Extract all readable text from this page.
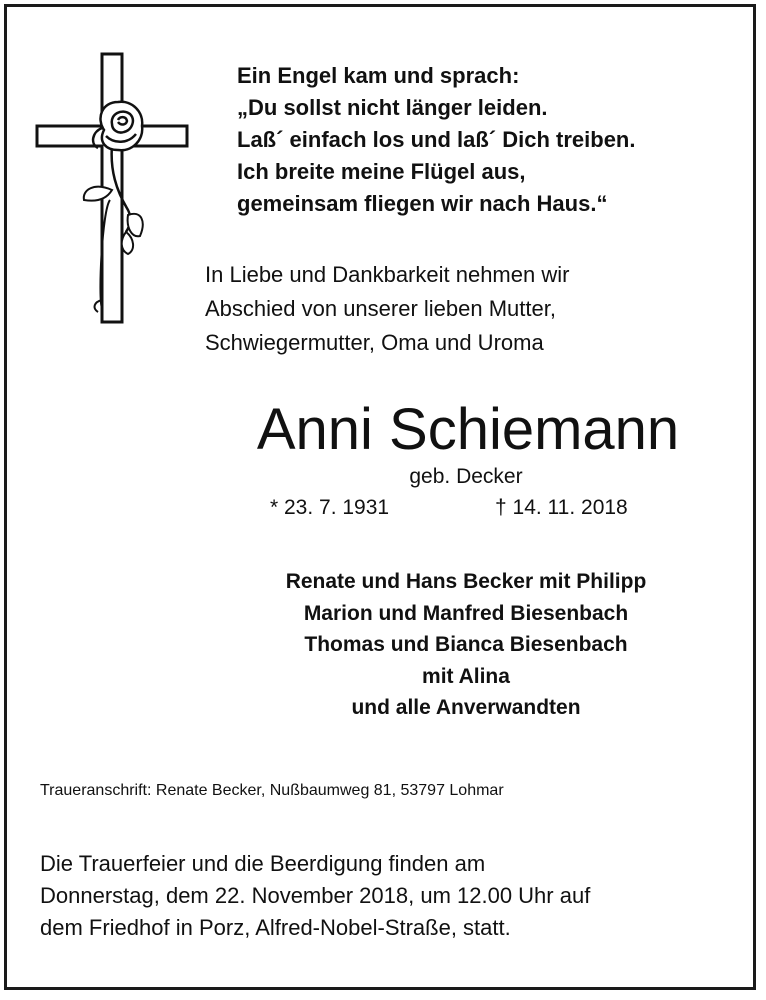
Ein Engel kam und sprach:
„Du sollst nicht länger leiden.
Laß´ einfach los und laß´ Dich treiben.
Ich breite meine Flügel aus,
gemeinsam fliegen wir nach Haus.“
In Liebe und Dankbarkeit nehmen wir
Abschied von unserer lieben Mutter,
Schwiegermutter, Oma und Uroma
Anni Schiemann
geb. Decker
* 23. 7. 1931	† 14. 11. 2018
Renate und Hans Becker mit Philipp
Marion und Manfred Biesenbach
Thomas und Bianca Biesenbach
mit Alina
und alle Anverwandten
Traueranschrift: Renate Becker, Nußbaumweg 81, 53797 Lohmar
Die Trauerfeier und die Beerdigung finden am
Donnerstag, dem 22. November 2018, um 12.00 Uhr auf
dem Friedhof in Porz, Alfred-Nobel-Straße, statt.
